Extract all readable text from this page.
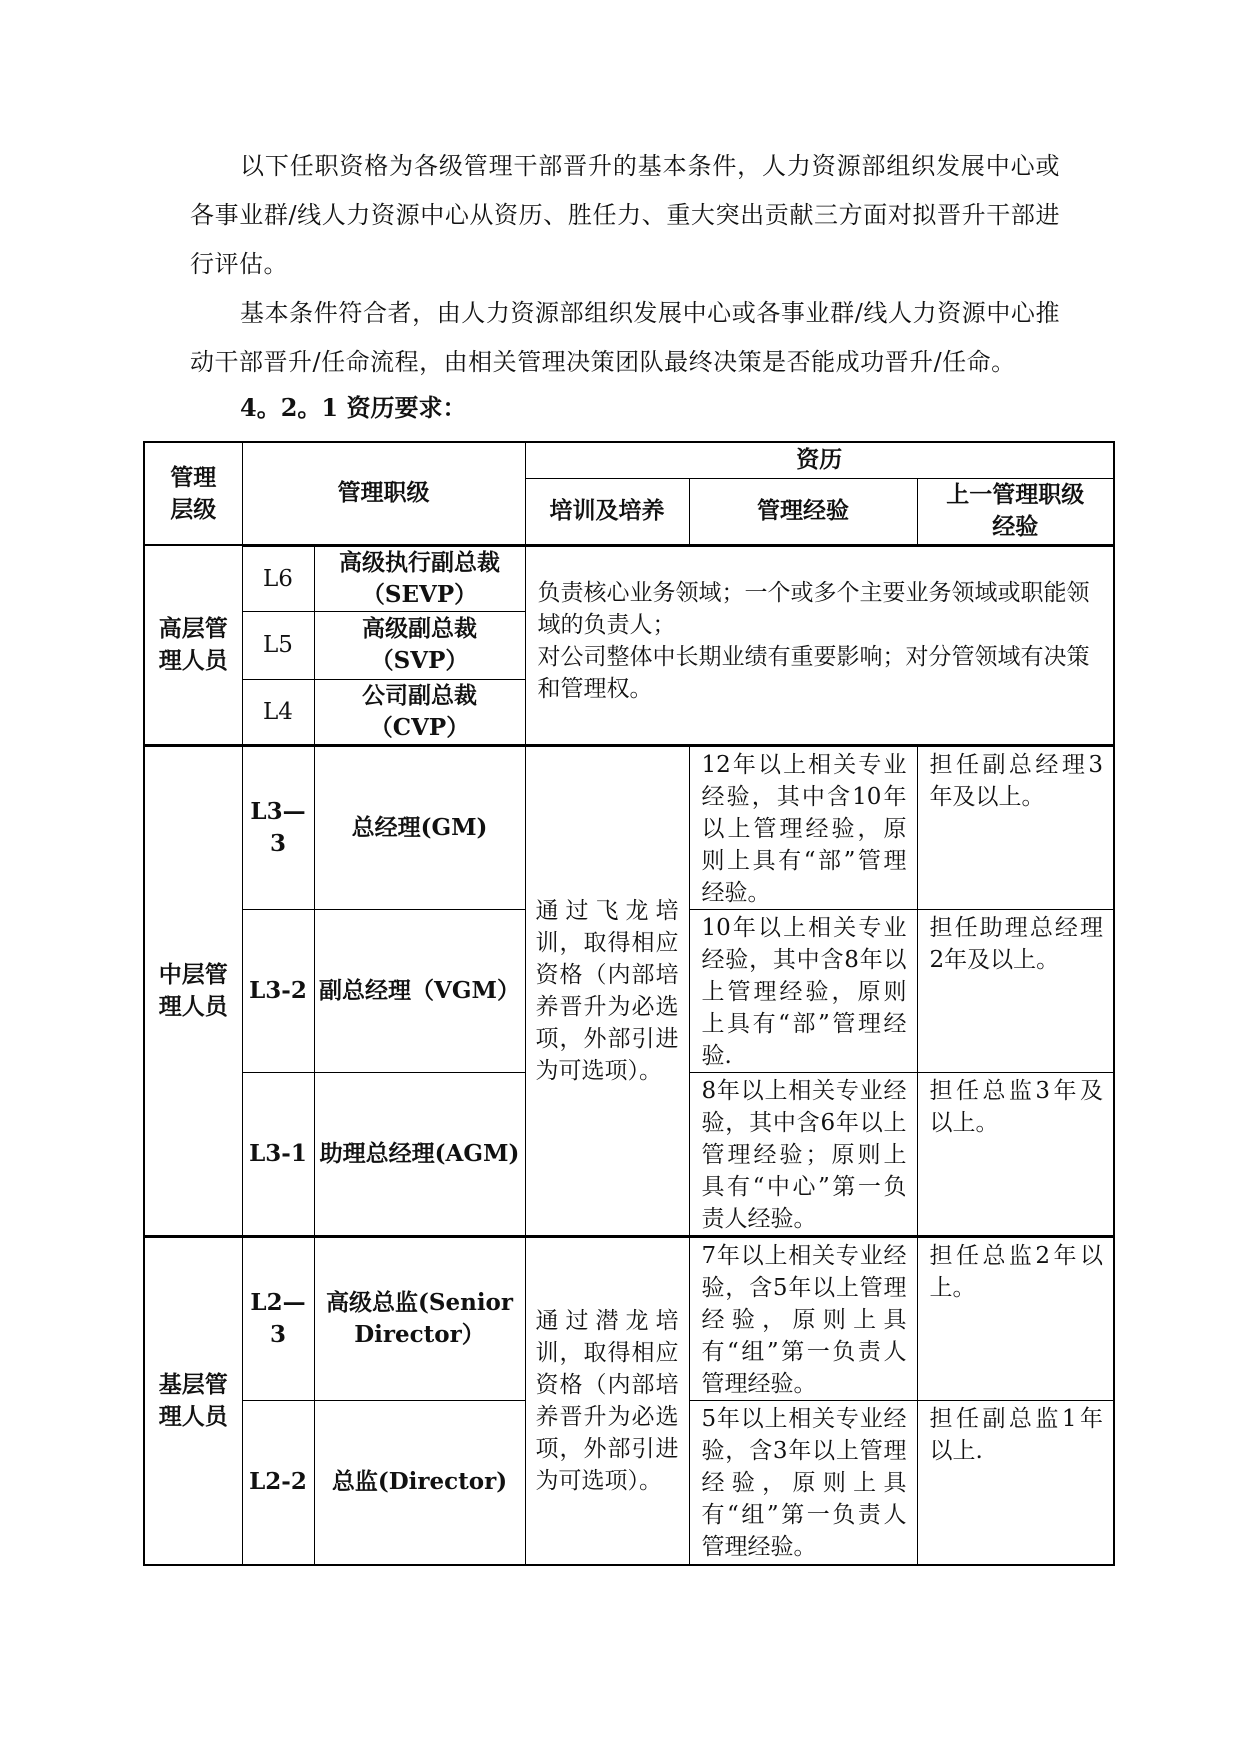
以下任职资格为各级管理干部晋升的基本条件，人力资源部组织发展中心或各事业群/线人力资源中心从资历、胜任力、重大突出贡献三方面对拟晋升干部进行评估。

基本条件符合者，由人力资源部组织发展中心或各事业群/线人力资源中心推动干部晋升/任命流程，由相关管理决策团队最终决策是否能成功晋升/任命。

4。2。1 资历要求：

管理
层级	管理职级		资历		
			培训及培养	管理经验	上一管理职级
经验

高层管
理人员	L6	高级执行副总裁
（SEVP）	负责核心业务领域；一个或多个主要业务领域或职能领域的负责人；
对公司整体中长期业绩有重要影响；对分管领域有决策和管理权。		

	L5	高级副总裁
（SVP）			

	L4	公司副总裁
（CVP）			

中层管
理人员	L3—
3	总经理(GM)	通过飞龙培训，取得相应资格（内部培养晋升为必选项，外部引进为可选项）。	12年以上相关专业经验，其中含10年以上管理经验，原则上具有“部”管理经验。	担任副总经理3年及以上。
	L3-2	副总经理（VGM）		10年以上相关专业经验，其中含8年以上管理经验，原则上具有“部”管理经验.	担任助理总经理2年及以上。
	L3-1	助理总经理(AGM)		8年以上相关专业经验，其中含6年以上管理经验；原则上具有“中心”第一负责人经验。	担任总监3年及以上。

基层管
理人员	L2—
3	高级总监(Senior
Director）	通过潜龙培训，取得相应资格（内部培养晋升为必选项，外部引进为可选项）。	7年以上相关专业经验，含5年以上管理经验，原则上具有“组”第一负责人管理经验。	担任总监2年以上。
	L2-2	总监(Director)		5年以上相关专业经验，含3年以上管理经验，原则上具有“组”第一负责人管理经验。	担任副总监1年以上.
